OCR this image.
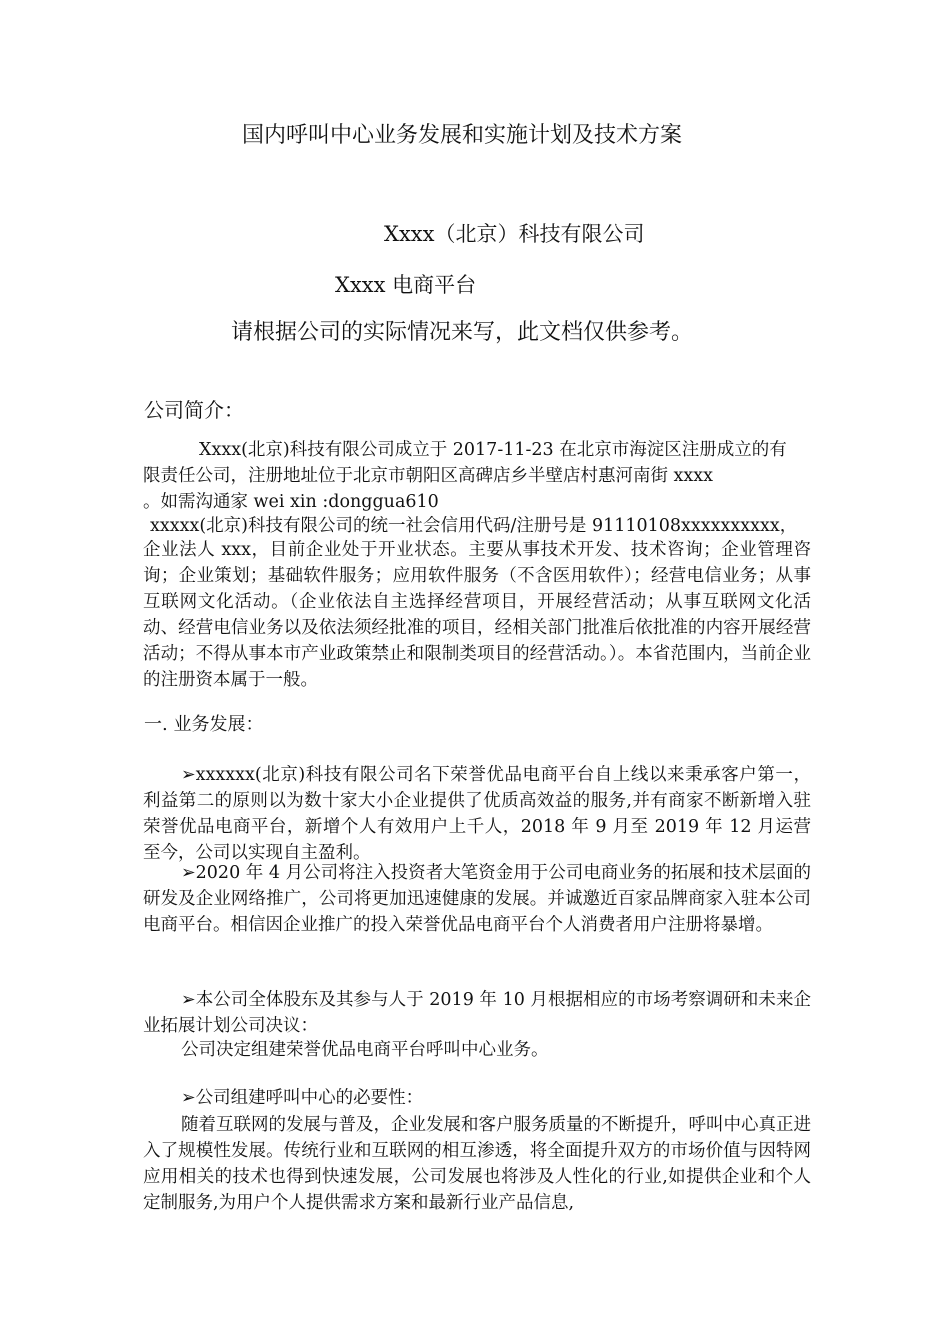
国内呼叫中心业务发展和实施计划及技术方案
Xxxx（北京）科技有限公司
Xxxx 电商平台
请根据公司的实际情况来写，此文档仅供参考。
公司简介：
Xxxx(北京)科技有限公司成立于 2017-11-23 在北京市海淀区注册成立的有
限责任公司，注册地址位于北京市朝阳区高碑店乡半壁店村惠河南街 xxxx
。如需沟通家 wei xin :donggua610
xxxxx(北京)科技有限公司的统一社会信用代码/注册号是 91110108xxxxxxxxxx，

企业法人 xxx，目前企业处于开业状态。主要从事技术开发、技术咨询；企业管理咨询；企业策划；基础软件服务；应用软件服务（不含医用软件）；经营电信业务；从事互联网文化活动。（企业依法自主选择经营项目，开展经营活动；从事互联网文化活动、经营电信业务以及依法须经批准的项目，经相关部门批准后依批准的内容开展经营活动；不得从事本市产业政策禁止和限制类项目的经营活动。）。本省范围内，当前企业的注册资本属于一般。

一. 业务发展：

➢xxxxxx(北京)科技有限公司名下荣誉优品电商平台自上线以来秉承客户第一，利益第二的原则以为数十家大小企业提供了优质高效益的服务,并有商家不断新增入驻荣誉优品电商平台，新增个人有效用户上千人，2018 年 9 月至 2019 年 12 月运营至今，公司以实现自主盈利。

➢2020 年 4 月公司将注入投资者大笔资金用于公司电商业务的拓展和技术层面的研发及企业网络推广，公司将更加迅速健康的发展。并诚邀近百家品牌商家入驻本公司电商平台。相信因企业推广的投入荣誉优品电商平台个人消费者用户注册将暴增。

➢本公司全体股东及其参与人于 2019 年 10 月根据相应的市场考察调研和未来企业拓展计划公司决议：

公司决定组建荣誉优品电商平台呼叫中心业务。
➢公司组建呼叫中心的必要性：

随着互联网的发展与普及，企业发展和客户服务质量的不断提升，呼叫中心真正进入了规模性发展。传统行业和互联网的相互渗透，将全面提升双方的市场价值与因特网应用相关的技术也得到快速发展，公司发展也将涉及人性化的行业,如提供企业和个人定制服务,为用户个人提供需求方案和最新行业产品信息,
